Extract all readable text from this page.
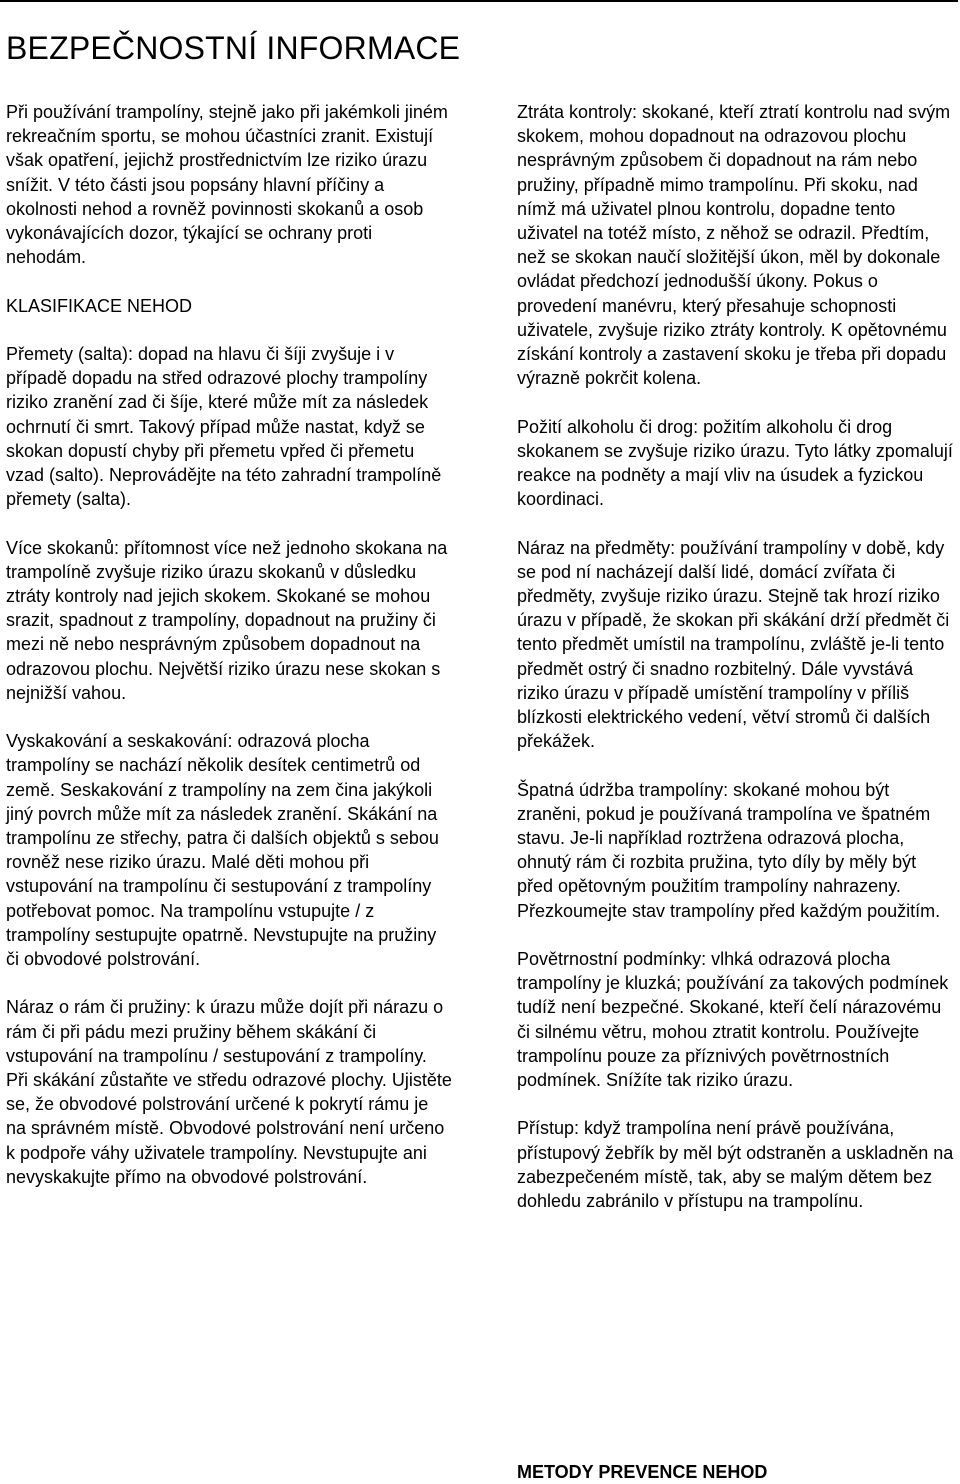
BEZPEČNOSTNÍ INFORMACE

Při používání trampolíny, stejně jako při jakémkoli jiném rekreačním sportu, se mohou účastníci zranit. Existují však opatření, jejichž prostřednictvím lze riziko úrazu snížit. V této části jsou popsány hlavní příčiny a okolnosti nehod a rovněž povinnosti skokanů a osob vykonávajících dozor, týkající se ochrany proti nehodám.

KLASIFIKACE NEHOD

Přemety (salta): dopad na hlavu či šíji zvyšuje i v případě dopadu na střed odrazové plochy trampolíny riziko zranění zad či šíje, které může mít za následek ochrnutí či smrt. Takový případ může nastat, když se skokan dopustí chyby při přemetu vpřed či přemetu vzad (salto). Neprovádějte na této zahradní trampolíně přemety (salta).

Více skokanů: přítomnost více než jednoho skokana na trampolíně zvyšuje riziko úrazu skokanů v důsledku ztráty kontroly nad jejich skokem. Skokané se mohou srazit, spadnout z trampolíny, dopadnout na pružiny či mezi ně nebo nesprávným způsobem dopadnout na odrazovou plochu. Největší riziko úrazu nese skokan s nejnižší vahou.

Vyskakování a seskakování: odrazová plocha trampolíny se nachází několik desítek centimetrů od země. Seskakování z trampolíny na zem čina jakýkoli jiný povrch může mít za následek zranění. Skákání na trampolínu ze střechy, patra či dalších objektů s sebou rovněž nese riziko úrazu. Malé děti mohou při vstupování na trampolínu či sestupování z trampolíny potřebovat pomoc. Na trampolínu vstupujte / z trampolíny sestupujte opatrně. Nevstupujte na pružiny či obvodové polstrování.

Náraz o rám či pružiny: k úrazu může dojít při nárazu o rám či při pádu mezi pružiny během skákání či vstupování na trampolínu / sestupování z trampolíny. Při skákání zůstaňte ve středu odrazové plochy. Ujistěte se, že obvodové polstrování určené k pokrytí rámu je na správném místě. Obvodové polstrování není určeno k podpoře váhy uživatele trampolíny. Nevstupujte ani nevyskakujte přímo na obvodové polstrování.

Ztráta kontroly: skokané, kteří ztratí kontrolu nad svým skokem, mohou dopadnout na odrazovou plochu nesprávným způsobem či dopadnout na rám nebo pružiny, případně mimo trampolínu. Při skoku, nad nímž má uživatel plnou kontrolu, dopadne tento uživatel na totéž místo, z něhož se odrazil. Předtím, než se skokan naučí složitější úkon, měl by dokonale ovládat předchozí jednodušší úkony. Pokus o provedení manévru, který přesahuje schopnosti uživatele, zvyšuje riziko ztráty kontroly. K opětovnému získání kontroly a zastavení skoku je třeba při dopadu výrazně pokrčit kolena.

Požití alkoholu či drog: požitím alkoholu či drog skokanem se zvyšuje riziko úrazu. Tyto látky zpomalují reakce na podněty a mají vliv na úsudek a fyzickou koordinaci.

Náraz na předměty: používání trampolíny v době, kdy se pod ní nacházejí další lidé, domácí zvířata či předměty, zvyšuje riziko úrazu. Stejně tak hrozí riziko úrazu v případě, že skokan při skákání drží předmět či tento předmět umístil na trampolínu, zvláště je-li tento předmět ostrý či snadno rozbitelný. Dále vyvstává riziko úrazu v případě umístění trampolíny v příliš blízkosti elektrického vedení, větví stromů či dalších překážek.

Špatná údržba trampolíny: skokané mohou být zraněni, pokud je používaná trampolína ve špatném stavu. Je-li například roztržena odrazová plocha, ohnutý rám či rozbita pružina, tyto díly by měly být před opětovným použitím trampolíny nahrazeny. Přezkoumejte stav trampolíny před každým použitím.

Povětrnostní podmínky: vlhká odrazová plocha trampolíny je kluzká; používání za takových podmínek tudíž není bezpečné. Skokané, kteří čelí nárazovému či silnému větru, mohou ztratit kontrolu. Používejte trampolínu pouze za příznivých povětrnostních podmínek. Snížíte tak riziko úrazu.

Přístup: když trampolína není právě používána, přístupový žebřík by měl být odstraněn a uskladněn na zabezpečeném místě, tak, aby se malým dětem bez dohledu zabránilo v přístupu na trampolínu.

METODY PREVENCE NEHOD
